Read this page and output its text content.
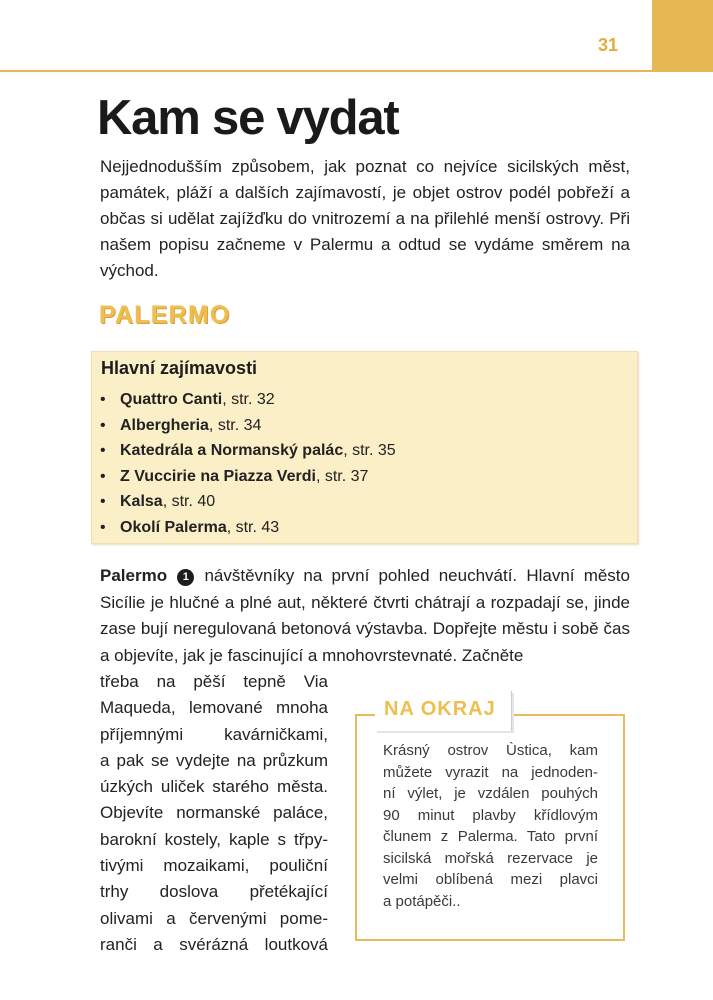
31
Kam se vydat

Nejjednodušším způsobem, jak poznat co nejvíce sicilských měst, památek, pláží a dalších zajímavostí, je objet ostrov podél pobřeží a občas si udělat zajížďku do vnitrozemí a na přilehlé menší ostrovy. Při našem popisu začneme v Palermu a odtud se vydáme směrem na východ.

PALERMO
Hlavní zajímavosti
• Quattro Canti, str. 32
• Albergheria, str. 34
• Katedrála a Normanský palác, str. 35
• Z Vuccirie na Piazza Verdi, str. 37
• Kalsa, str. 40
• Okolí Palerma, str. 43

Palermo 1 návštěvníky na první pohled neuchvátí. Hlavní město Sicílie je hlučné a plné aut, některé čtvrti chátrají a rozpadají se, jinde zase bují neregulovaná betonová výstavba. Dopřejte městu i sobě čas a objevíte, jak je fascinující a mnohovrstevnaté. Začněte

třeba na pěší tepně Via
Maqueda, lemované mnoha
příjemnými kavárničkami,
a pak se vydejte na průzkum
úzkých uliček starého města.
Objevíte normanské paláce,
barokní kostely, kaple s třpy-
tivými mozaikami, pouliční
trhy doslova přetékající
olivami a červenými pome-
ranči a svérázná loutková

NA OKRAJ

Krásný ostrov Ùstica, kam
můžete vyrazit na jednoden-
ní výlet, je vzdálen pouhých
90 minut plavby křídlovým
člunem z Palerma. Tato první
sicilská mořská rezervace je
velmi oblíbená mezi plavci
a potápěči..
